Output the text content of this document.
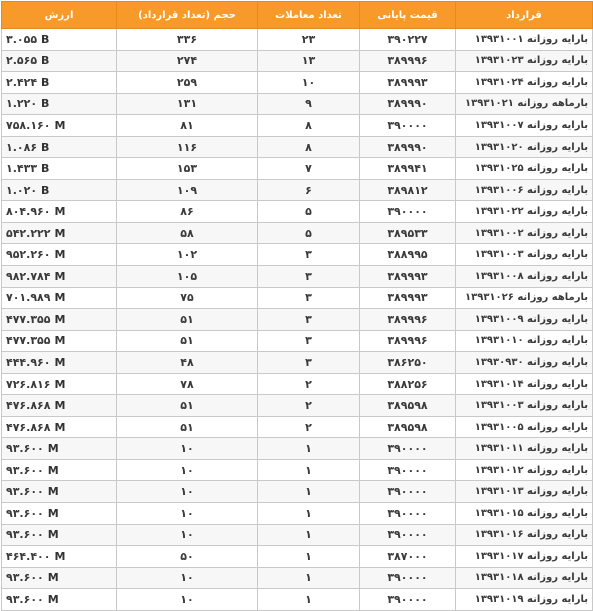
قرارداد	قیمت پایانی	تعداد معاملات	حجم (تعداد قرارداد)	ارزش
بارایه روزانه ۱۳۹۳۱۰۰۱	۳۹۰۲۲۷	۲۳	۳۳۶	۳.۰۵۵ B
بارایه روزانه ۱۳۹۳۱۰۲۳	۳۸۹۹۹۶	۱۳	۲۷۴	۲.۵۶۵ B
بارایه روزانه ۱۳۹۳۱۰۲۴	۳۸۹۹۹۳	۱۰	۲۵۹	۲.۴۲۴ B
بارماهه روزانه ۱۳۹۳۱۰۲۱	۳۸۹۹۹۰	۹	۱۳۱	۱.۲۲۰ B
بارایه روزانه ۱۳۹۳۱۰۰۷	۳۹۰۰۰۰	۸	۸۱	۷۵۸.۱۶۰ M
بارایه روزانه ۱۳۹۳۱۰۲۰	۳۸۹۹۹۰	۸	۱۱۶	۱.۰۸۶ B
بارایه روزانه ۱۳۹۳۱۰۲۵	۳۸۹۹۴۱	۷	۱۵۳	۱.۴۳۳ B
بارایه روزانه ۱۳۹۳۱۰۰۶	۳۸۹۸۱۲	۶	۱۰۹	۱.۰۲۰ B
بارایه روزانه ۱۳۹۳۱۰۲۲	۳۹۰۰۰۰	۵	۸۶	۸۰۴.۹۶۰ M
بارایه روزانه ۱۳۹۳۱۰۰۲	۳۸۹۵۳۳	۵	۵۸	۵۴۲.۲۲۲ M
بارایه روزانه ۱۳۹۳۱۰۰۳	۳۸۸۹۹۵	۳	۱۰۲	۹۵۲.۲۶۰ M
بارایه روزانه ۱۳۹۳۱۰۰۸	۳۸۹۹۹۳	۳	۱۰۵	۹۸۲.۷۸۴ M
بارماهه روزانه ۱۳۹۳۱۰۲۶	۳۸۹۹۹۳	۳	۷۵	۷۰۱.۹۸۹ M
بارایه روزانه ۱۳۹۳۱۰۰۹	۳۸۹۹۹۶	۳	۵۱	۴۷۷.۳۵۵ M
بارایه روزانه ۱۳۹۳۱۰۱۰	۳۸۹۹۹۶	۳	۵۱	۴۷۷.۳۵۵ M
بارایه روزانه ۱۳۹۳۰۹۳۰	۳۸۶۲۵۰	۳	۴۸	۴۴۴.۹۶۰ M
بارایه روزانه ۱۳۹۳۱۰۱۴	۳۸۸۲۵۶	۲	۷۸	۷۲۶.۸۱۶ M
بارایه روزانه ۱۳۹۳۱۰۰۳	۳۸۹۵۹۸	۲	۵۱	۴۷۶.۸۶۸ M
بارایه روزانه ۱۳۹۳۱۰۰۵	۳۸۹۵۹۸	۲	۵۱	۴۷۶.۸۶۸ M
بارایه روزانه ۱۳۹۳۱۰۱۱	۳۹۰۰۰۰	۱	۱۰	۹۳.۶۰۰ M
بارایه روزانه ۱۳۹۳۱۰۱۲	۳۹۰۰۰۰	۱	۱۰	۹۳.۶۰۰ M
بارایه روزانه ۱۳۹۳۱۰۱۳	۳۹۰۰۰۰	۱	۱۰	۹۳.۶۰۰ M
بارایه روزانه ۱۳۹۳۱۰۱۵	۳۹۰۰۰۰	۱	۱۰	۹۳.۶۰۰ M
بارایه روزانه ۱۳۹۳۱۰۱۶	۳۹۰۰۰۰	۱	۱۰	۹۳.۶۰۰ M
بارایه روزانه ۱۳۹۳۱۰۱۷	۳۸۷۰۰۰	۱	۵۰	۴۶۴.۴۰۰ M
بارایه روزانه ۱۳۹۳۱۰۱۸	۳۹۰۰۰۰	۱	۱۰	۹۳.۶۰۰ M
بارایه روزانه ۱۳۹۳۱۰۱۹	۳۹۰۰۰۰	۱	۱۰	۹۳.۶۰۰ M
